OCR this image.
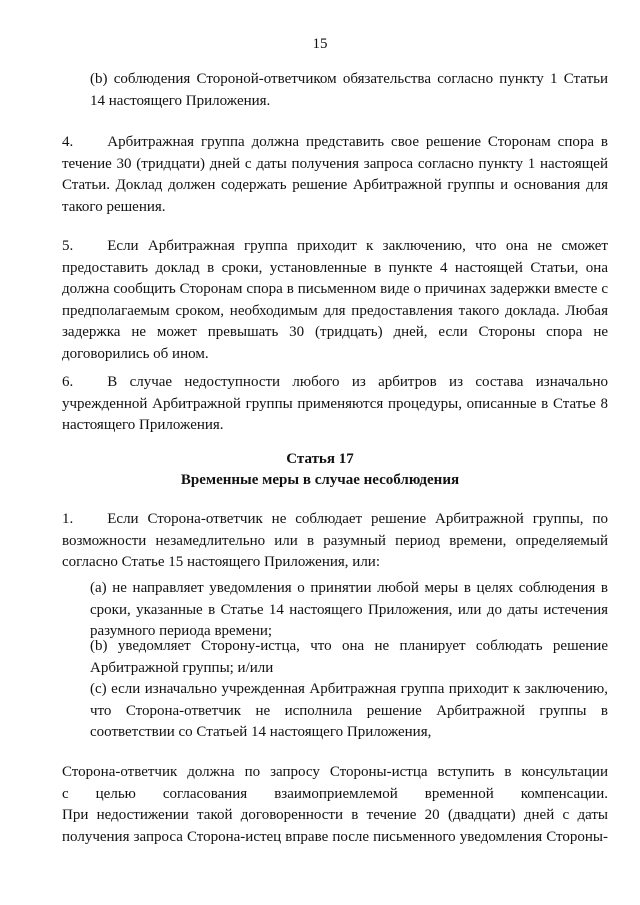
15
(b) соблюдения Стороной-ответчиком обязательства согласно пункту 1 Статьи 14 настоящего Приложения.
4. Арбитражная группа должна представить свое решение Сторонам спора в течение 30 (тридцати) дней с даты получения запроса согласно пункту 1 настоящей Статьи. Доклад должен содержать решение Арбитражной группы и основания для такого решения.
5. Если Арбитражная группа приходит к заключению, что она не сможет предоставить доклад в сроки, установленные в пункте 4 настоящей Статьи, она должна сообщить Сторонам спора в письменном виде о причинах задержки вместе с предполагаемым сроком, необходимым для предоставления такого доклада. Любая задержка не может превышать 30 (тридцать) дней, если Стороны спора не договорились об ином.
6. В случае недоступности любого из арбитров из состава изначально учрежденной Арбитражной группы применяются процедуры, описанные в Статье 8 настоящего Приложения.
Статья 17
Временные меры в случае несоблюдения
1. Если Сторона-ответчик не соблюдает решение Арбитражной группы, по возможности незамедлительно или в разумный период времени, определяемый согласно Статье 15 настоящего Приложения, или:
(a) не направляет уведомления о принятии любой меры в целях соблюдения в сроки, указанные в Статье 14 настоящего Приложения, или до даты истечения разумного периода времени;
(b) уведомляет Сторону-истца, что она не планирует соблюдать решение Арбитражной группы; и/или
(c) если изначально учрежденная Арбитражная группа приходит к заключению, что Сторона-ответчик не исполнила решение Арбитражной группы в соответствии со Статьей 14 настоящего Приложения,
Сторона-ответчик должна по запросу Стороны-истца вступить в консультации
с целью согласования взаимоприемлемой временной компенсации.
При недостижении такой договоренности в течение 20 (двадцати) дней с даты
получения запроса Сторона-истец вправе после письменного уведомления Стороны-
